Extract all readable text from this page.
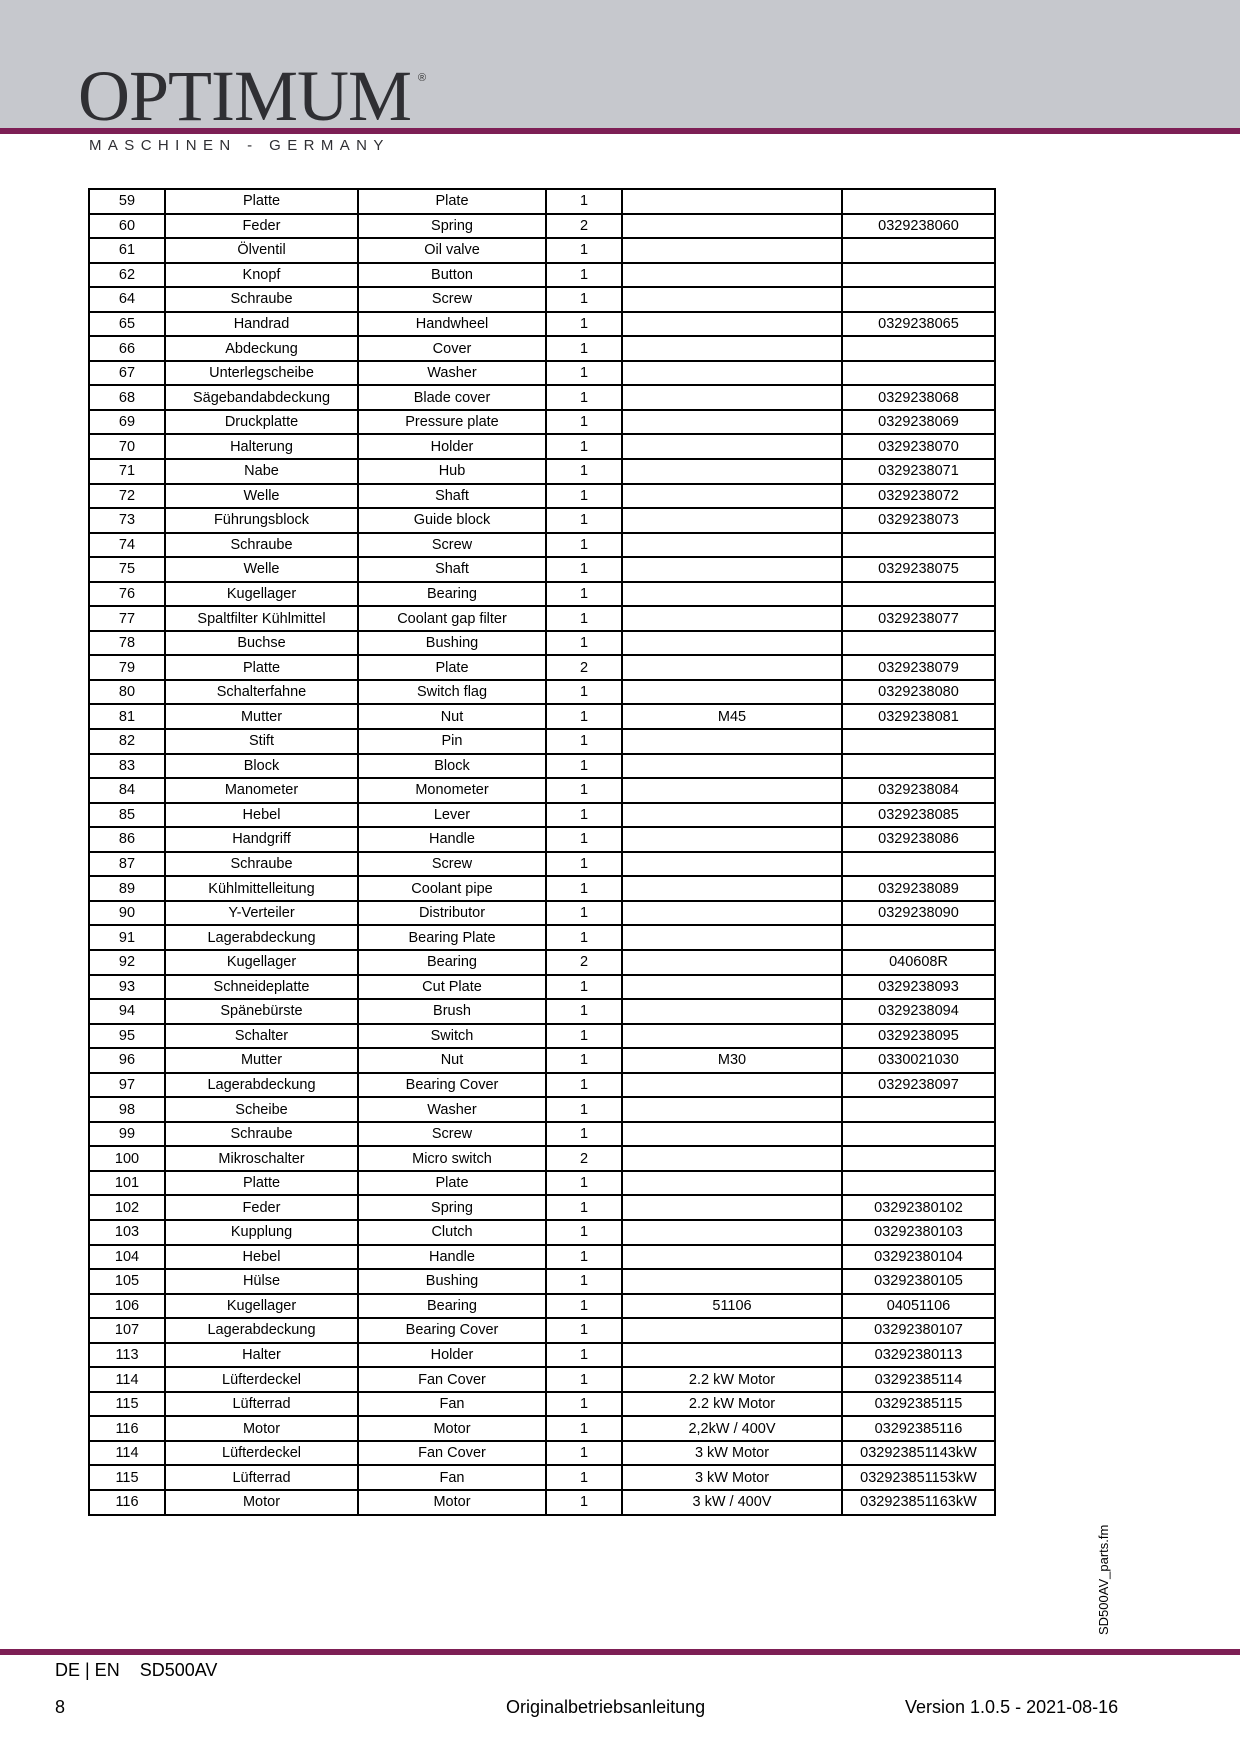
OPTIMUM ®
MASCHINEN - GERMANY
59	Platte	Plate	1		
60	Feder	Spring	2		0329238060
61	Ölventil	Oil valve	1		
62	Knopf	Button	1		
64	Schraube	Screw	1		
65	Handrad	Handwheel	1		0329238065
66	Abdeckung	Cover	1		
67	Unterlegscheibe	Washer	1		
68	Sägebandabdeckung	Blade cover	1		0329238068
69	Druckplatte	Pressure plate	1		0329238069
70	Halterung	Holder	1		0329238070
71	Nabe	Hub	1		0329238071
72	Welle	Shaft	1		0329238072
73	Führungsblock	Guide block	1		0329238073
74	Schraube	Screw	1		
75	Welle	Shaft	1		0329238075
76	Kugellager	Bearing	1		
77	Spaltfilter Kühlmittel	Coolant gap filter	1		0329238077
78	Buchse	Bushing	1		
79	Platte	Plate	2		0329238079
80	Schalterfahne	Switch flag	1		0329238080
81	Mutter	Nut	1	M45	0329238081
82	Stift	Pin	1		
83	Block	Block	1		
84	Manometer	Monometer	1		0329238084
85	Hebel	Lever	1		0329238085
86	Handgriff	Handle	1		0329238086
87	Schraube	Screw	1		
89	Kühlmittelleitung	Coolant pipe	1		0329238089
90	Y-Verteiler	Distributor	1		0329238090
91	Lagerabdeckung	Bearing Plate	1		
92	Kugellager	Bearing	2		040608R
93	Schneideplatte	Cut Plate	1		0329238093
94	Spänebürste	Brush	1		0329238094
95	Schalter	Switch	1		0329238095
96	Mutter	Nut	1	M30	0330021030
97	Lagerabdeckung	Bearing Cover	1		0329238097
98	Scheibe	Washer	1		
99	Schraube	Screw	1		
100	Mikroschalter	Micro switch	2		
101	Platte	Plate	1		
102	Feder	Spring	1		03292380102
103	Kupplung	Clutch	1		03292380103
104	Hebel	Handle	1		03292380104
105	Hülse	Bushing	1		03292380105
106	Kugellager	Bearing	1	51106	04051106
107	Lagerabdeckung	Bearing Cover	1		03292380107
113	Halter	Holder	1		03292380113
114	Lüfterdeckel	Fan Cover	1	2.2 kW Motor	03292385114
115	Lüfterrad	Fan	1	2.2 kW Motor	03292385115
116	Motor	Motor	1	2,2kW / 400V	03292385116
114	Lüfterdeckel	Fan Cover	1	3 kW Motor	032923851143kW
115	Lüfterrad	Fan	1	3 kW Motor	032923851153kW
116	Motor	Motor	1	3 kW / 400V	032923851163kW
SD500AV_parts.fm
DE | EN    SD500AV
8	Originalbetriebsanleitung	Version 1.0.5 - 2021-08-16
